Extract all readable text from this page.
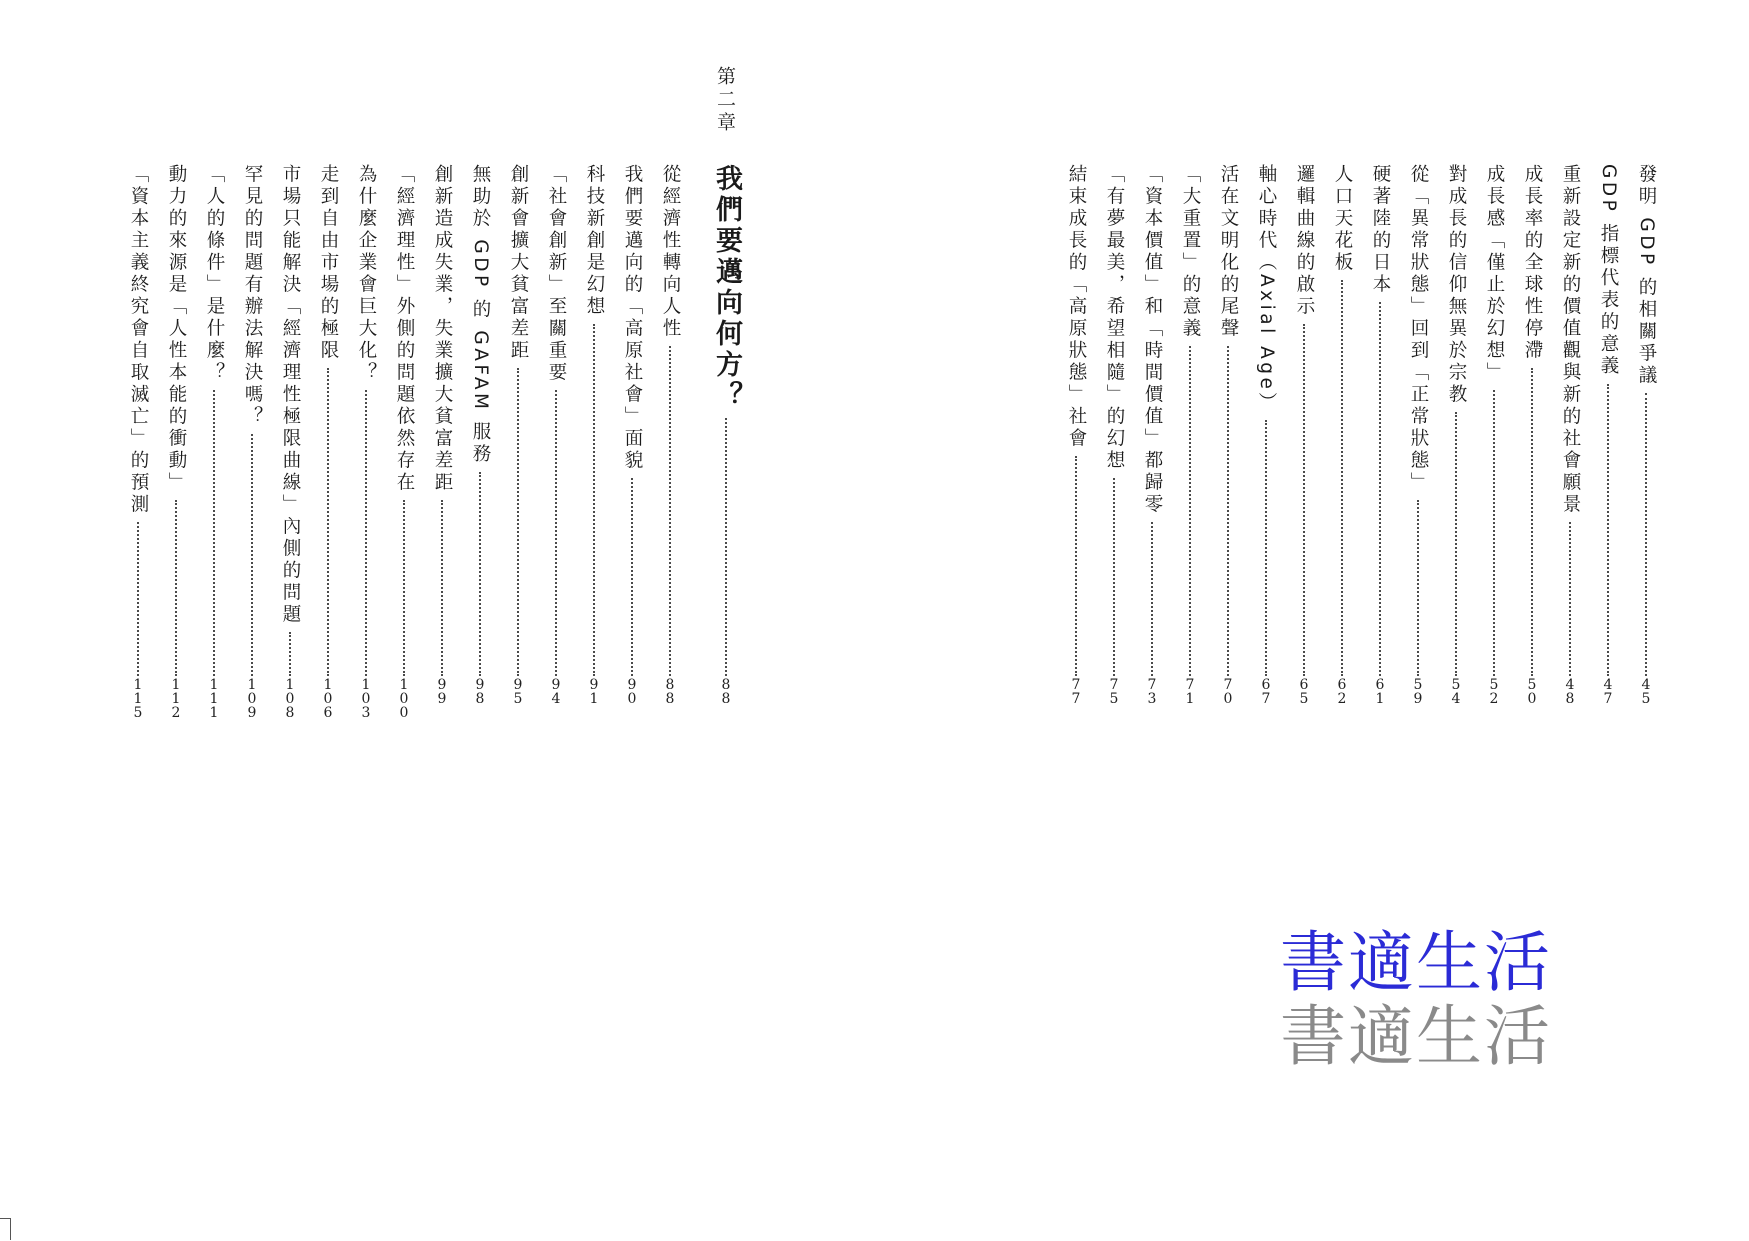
發明 GDP 的相關爭議
45
GDP 指標代表的意義
47
重新設定新的價值觀與新的社會願景
48
成長率的全球性停滯
50
成長感「僅止於幻想」
52
對成長的信仰無異於宗教
54
從「異常狀態」回到「正常狀態」
59
硬著陸的日本
61
人口天花板
62
邏輯曲線的啟示
65
軸心時代（Axial Age）
67
活在文明化的尾聲
70
「大重置」的意義
71
「資本價值」和「時間價值」都歸零
73
「有夢最美，希望相隨」的幻想
75
結束成長的「高原狀態」社會
77
第二章
我們要邁向何方？
88
從經濟性轉向人性
88
我們要邁向的「高原社會」面貌
90
科技新創是幻想
91
「社會創新」至關重要
94
創新會擴大貧富差距
95
無助於 GDP 的 GAFAM 服務
98
創新造成失業，失業擴大貧富差距
99
「經濟理性」外側的問題依然存在
100
為什麼企業會巨大化？
103
走到自由市場的極限
106
市場只能解決「經濟理性極限曲線」內側的問題
108
罕見的問題有辦法解決嗎？
109
「人的條件」是什麼？
111
動力的來源是「人性本能的衝動」
112
「資本主義終究會自取滅亡」的預測
115
書適生活
書適生活
